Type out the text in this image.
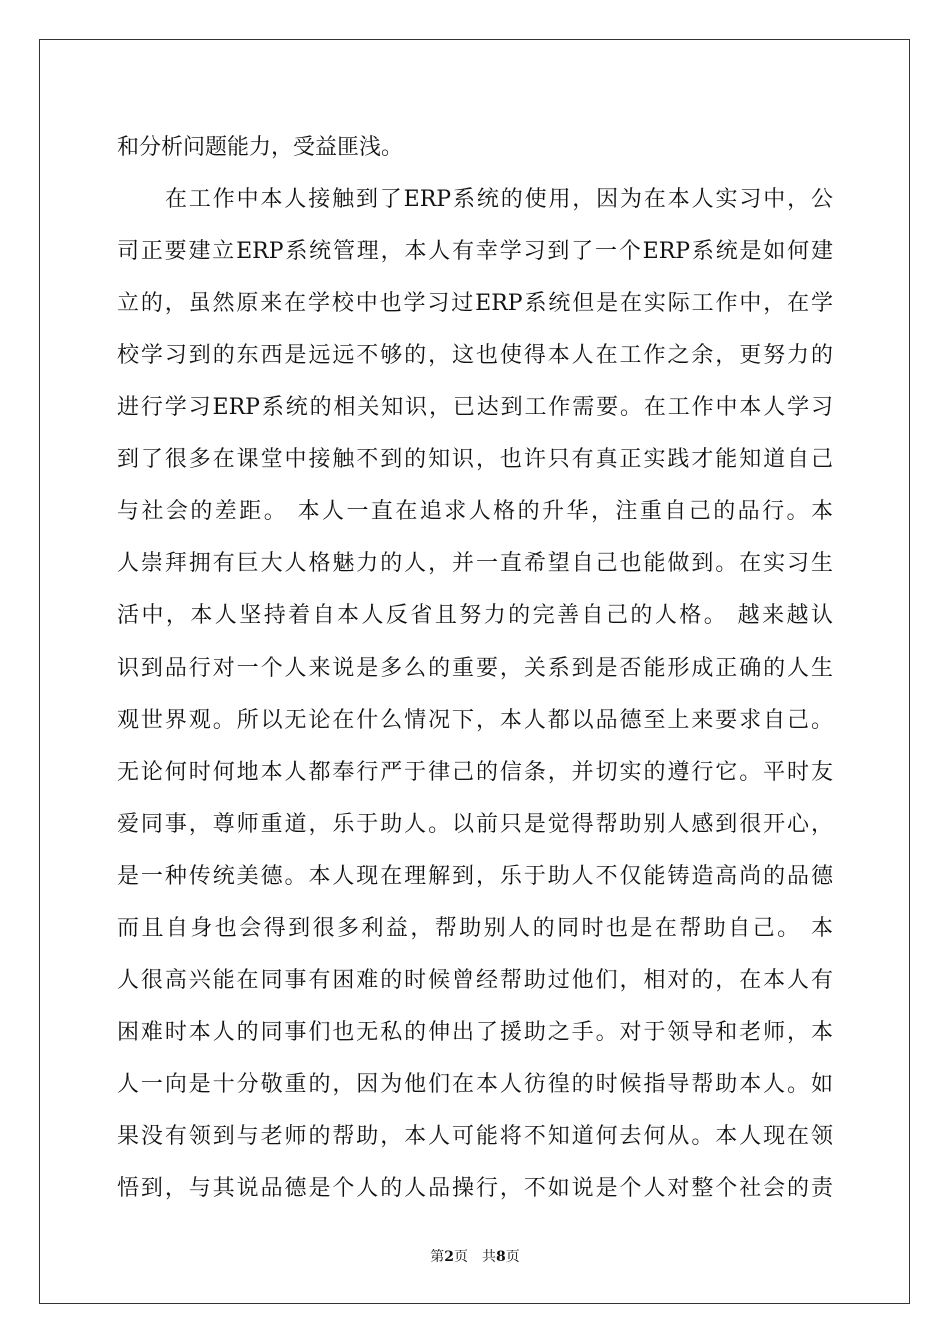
和分析问题能力，受益匪浅。
在工作中本人接触到了ERP系统的使用，因为在本人实习中，公
司正要建立ERP系统管理，本人有幸学习到了一个ERP系统是如何建
立的，虽然原来在学校中也学习过ERP系统但是在实际工作中，在学
校学习到的东西是远远不够的，这也使得本人在工作之余，更努力的
进行学习ERP系统的相关知识，已达到工作需要。在工作中本人学习
到了很多在课堂中接触不到的知识，也许只有真正实践才能知道自己
与社会的差距。 本人一直在追求人格的升华，注重自己的品行。本
人崇拜拥有巨大人格魅力的人，并一直希望自己也能做到。在实习生
活中，本人坚持着自本人反省且努力的完善自己的人格。 越来越认
识到品行对一个人来说是多么的重要，关系到是否能形成正确的人生
观世界观。所以无论在什么情况下，本人都以品德至上来要求自己。
无论何时何地本人都奉行严于律己的信条，并切实的遵行它。平时友
爱同事，尊师重道，乐于助人。以前只是觉得帮助别人感到很开心，
是一种传统美德。本人现在理解到，乐于助人不仅能铸造高尚的品德
而且自身也会得到很多利益，帮助别人的同时也是在帮助自己。 本
人很高兴能在同事有困难的时候曾经帮助过他们，相对的，在本人有
困难时本人的同事们也无私的伸出了援助之手。对于领导和老师，本
人一向是十分敬重的，因为他们在本人彷徨的时候指导帮助本人。如
果没有领到与老师的帮助，本人可能将不知道何去何从。本人现在领
悟到，与其说品德是个人的人品操行，不如说是个人对整个社会的责
第2页 共8页
